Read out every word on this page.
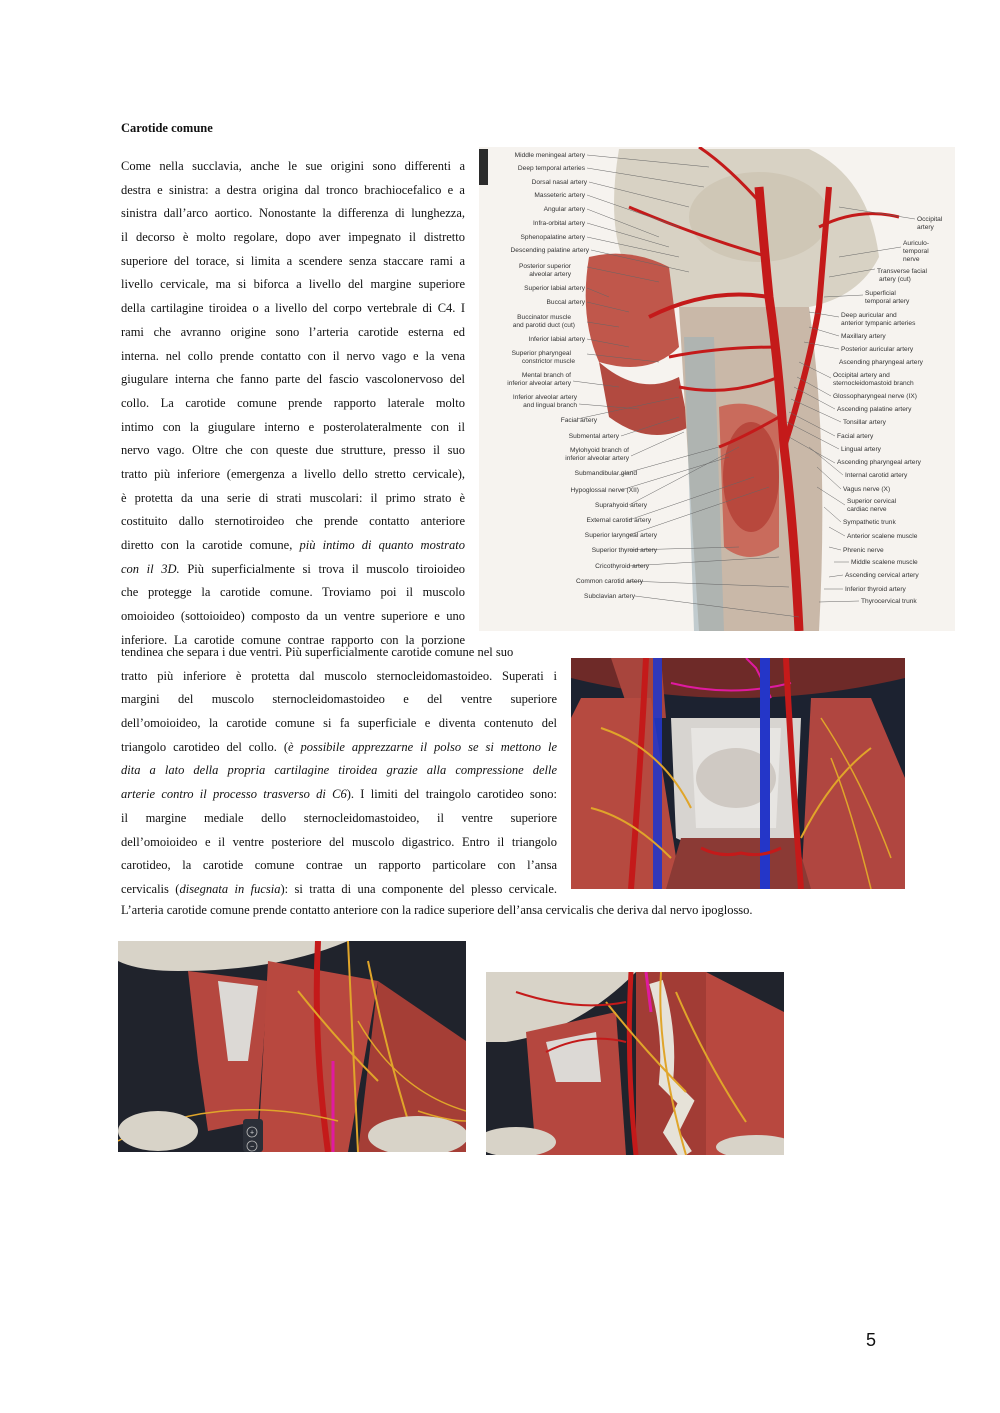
Carotide comune
Come nella succlavia, anche le sue origini sono differenti a
destra e sinistra: a destra origina dal tronco brachiocefalico e a
sinistra dall’arco aortico. Nonostante la differenza di lunghezza,
il decorso è molto regolare, dopo aver impegnato il distretto
superiore del torace, si limita a scendere senza staccare rami a
livello cervicale, ma si biforca a livello del margine superiore
della cartilagine tiroidea o a livello del corpo vertebrale di C4. I
rami che avranno origine sono l’arteria carotide esterna ed
interna. nel collo prende contatto con il nervo vago e la vena
giugulare interna che fanno parte del fascio vascolonervoso del
collo. La carotide comune prende rapporto laterale molto
intimo con la giugulare interno e posterolateralmente con il
nervo vago. Oltre che con queste due strutture, presso il suo
tratto più inferiore (emergenza a livello dello stretto cervicale),
è protetta da una serie di strati muscolari: il primo strato è
costituito dallo sternotiroideo che prende contatto anteriore
diretto con la carotide comune, più intimo di quanto mostrato
con il 3D. Più superficialmente si trova il muscolo tiroioideo
che protegge la carotide comune. Troviamo poi il muscolo
omoioideo (sottoioideo) composto da un ventre superiore e uno
inferiore. La carotide comune contrae rapporto con la porzione
tendinea che separa i due ventri. Più superficialmente carotide comune nel suo
tratto più inferiore è protetta dal muscolo sternocleidomastoideo. Superati i
margini del muscolo sternocleidomastoideo e del ventre superiore
dell’omoioideo, la carotide comune si fa superficiale e diventa contenuto del
triangolo carotideo del collo. (è possibile apprezzarne il polso se si mettono le
dita a lato della propria cartilagine tiroidea grazie alla compressione delle
arterie contro il processo trasverso di C6). I limiti del traingolo carotideo sono:
il margine mediale dello sternocleidomastoideo, il ventre superiore
dell’omoioideo e il ventre posteriore del muscolo digastrico. Entro il triangolo
carotideo, la carotide comune contrae un rapporto particolare con l’ansa
cervicalis (disegnata in fucsia): si tratta di una componente del plesso cervicale.
L’arteria carotide comune prende contatto anteriore con la radice superiore dell’ansa cervicalis che deriva dal nervo ipoglosso.
Middle meningeal artery
Deep temporal arteries
Dorsal nasal artery
Masseteric artery
Angular artery
Infra-orbital artery
Sphenopalatine artery
Descending palatine artery
Posterior superior
alveolar artery
Superior labial artery
Buccal artery
Buccinator muscle
and parotid duct (cut)
Inferior labial artery
Superior pharyngeal
constrictor muscle
Mental branch of
inferior alveolar artery
Inferior alveolar artery
and lingual branch
Facial artery
Submental artery
Mylohyoid branch of
inferior alveolar artery
Submandibular gland
Hypoglossal nerve (XII)
Suprahyoid artery
External carotid artery
Superior laryngeal artery
Superior thyroid artery
Cricothyroid artery
Common carotid artery
Subclavian artery
Occipital
artery
Auriculo-
temporal
nerve
Transverse facial
artery (cut)
Superficial
temporal artery
Deep auricular and
anterior tympanic arteries
Maxillary artery
Posterior auricular artery
Ascending pharyngeal artery
Occipital artery and
sternocleidomastoid branch
Glossopharyngeal nerve (IX)
Ascending palatine artery
Tonsillar artery
Facial artery
Lingual artery
Ascending pharyngeal artery
Internal carotid artery
Vagus nerve (X)
Superior cervical
cardiac nerve
Sympathetic trunk
Anterior scalene muscle
Phrenic nerve
Middle scalene muscle
Ascending cervical artery
Inferior thyroid artery
Thyrocervical trunk
+
−
5
